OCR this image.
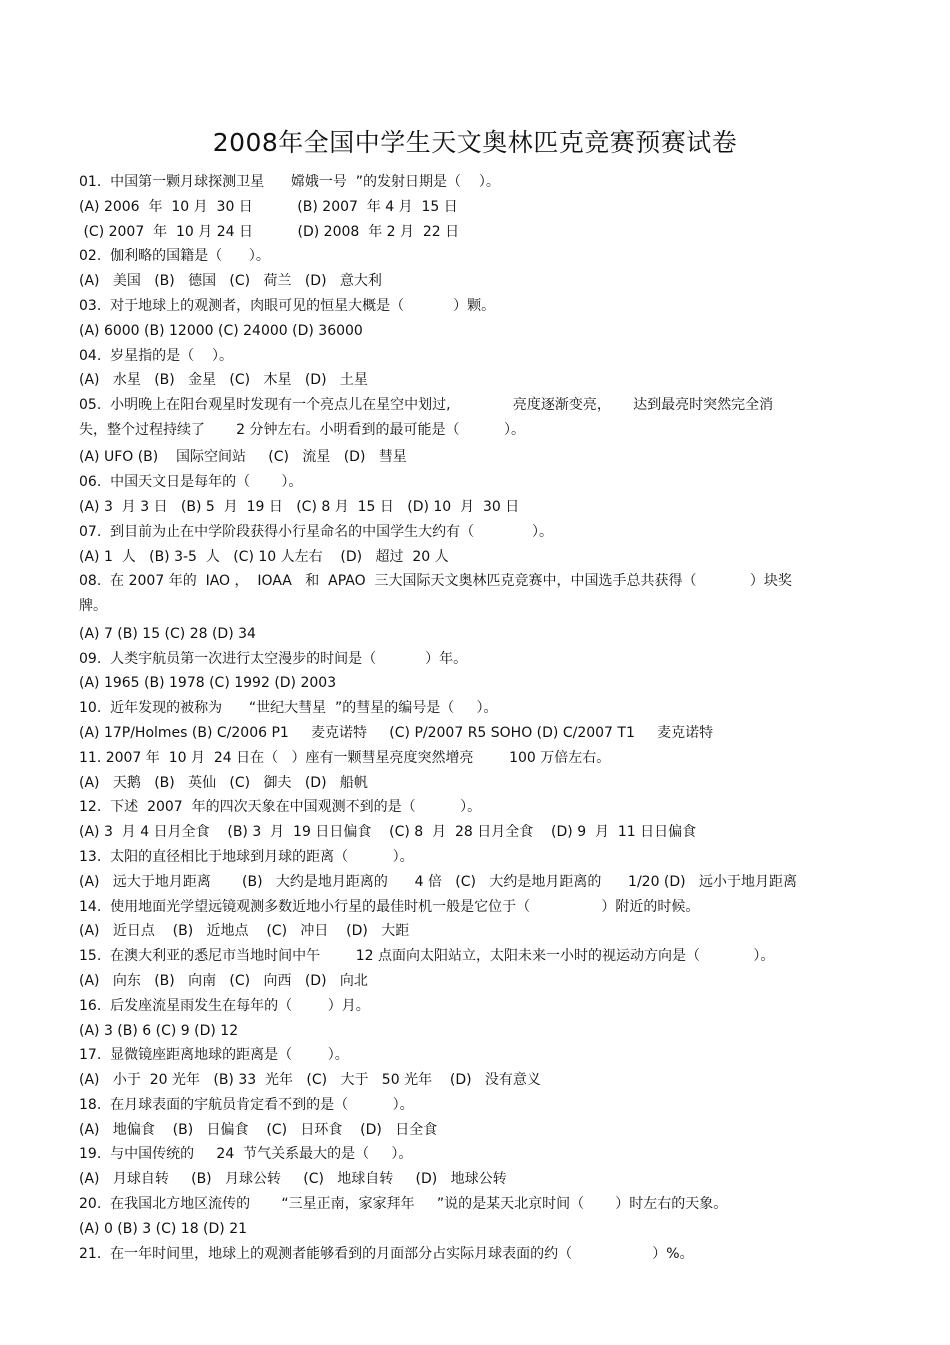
2008年全国中学生天文奥林匹克竞赛预赛试卷
01.  中国第一颗月球探测卫星      嫦娥一号  ”的发射日期是（    ）。
(A) 2006  年  10 月  30 日          (B) 2007  年 4 月  15 日
(C) 2007  年  10 月 24 日          (D) 2008  年 2 月  22 日
02.  伽利略的国籍是（      ）。
(A)   美国   (B)   德国   (C)   荷兰   (D)   意大利
03.  对于地球上的观测者，肉眼可见的恒星大概是（           ）颗。
(A) 6000 (B) 12000 (C) 24000 (D) 36000
04.  岁星指的是（    ）。
(A)   水星   (B)   金星   (C)   木星   (D)   土星
05.  小明晚上在阳台观星时发现有一个亮点儿在星空中划过,              亮度逐渐变亮，     达到最亮时突然完全消
失，整个过程持续了       2 分钟左右。小明看到的最可能是（          ）。
(A) UFO (B)    国际空间站     (C)   流星   (D)   彗星
06.  中国天文日是每年的（       ）。
(A) 3  月 3 日   (B) 5  月  19 日   (C) 8 月  15 日   (D) 10  月  30 日
07.  到目前为止在中学阶段获得小行星命名的中国学生大约有（             ）。
(A) 1  人   (B) 3-5  人   (C) 10 人左右    (D)   超过  20 人
08.  在 2007 年的  IAO ，  IOAA   和  APAO  三大国际天文奥林匹克竞赛中，中国选手总共获得（            ）块奖
牌。
(A) 7 (B) 15 (C) 28 (D) 34
09.  人类宇航员第一次进行太空漫步的时间是（           ）年。
(A) 1965 (B) 1978 (C) 1992 (D) 2003
10.  近年发现的被称为      “世纪大彗星  ”的彗星的编号是（     ）。
(A) 17P/Holmes (B) C/2006 P1     麦克诺特     (C) P/2007 R5 SOHO (D) C/2007 T1     麦克诺特
11. 2007 年  10 月  24 日在（   ）座有一颗彗星亮度突然增亮        100 万倍左右。
(A)   天鹅   (B)   英仙   (C)   御夫   (D)   船帆
12.  下述  2007  年的四次天象在中国观测不到的是（          ）。
(A) 3  月 4 日月全食    (B) 3  月  19 日日偏食    (C) 8  月  28 日月全食    (D) 9  月  11 日日偏食
13.  太阳的直径相比于地球到月球的距离（          ）。
(A)   远大于地月距离       (B)   大约是地月距离的      4 倍   (C)   大约是地月距离的      1/20 (D)   远小于地月距离
14.  使用地面光学望远镜观测多数近地小行星的最佳时机一般是它位于（                ）附近的时候。
(A)   近日点    (B)   近地点    (C)   冲日    (D)   大距
15.  在澳大利亚的悉尼市当地时间中午        12 点面向太阳站立，太阳未来一小时的视运动方向是（            ）。
(A)   向东   (B)   向南   (C)   向西   (D)   向北
16.  后发座流星雨发生在每年的（        ）月。
(A) 3 (B) 6 (C) 9 (D) 12
17.  显微镜座距离地球的距离是（        ）。
(A)   小于  20 光年   (B) 33  光年   (C)   大于   50 光年    (D)   没有意义
18.  在月球表面的宇航员肯定看不到的是（          ）。
(A)   地偏食    (B)   日偏食    (C)   日环食    (D)   日全食
19.  与中国传统的     24  节气关系最大的是（     ）。
(A)   月球自转     (B)   月球公转     (C)   地球自转     (D)   地球公转
20.  在我国北方地区流传的       “三星正南，家家拜年     ”说的是某天北京时间（       ）时左右的天象。
(A) 0 (B) 3 (C) 18 (D) 21
21.  在一年时间里，地球上的观测者能够看到的月面部分占实际月球表面的约（                  ）%。
